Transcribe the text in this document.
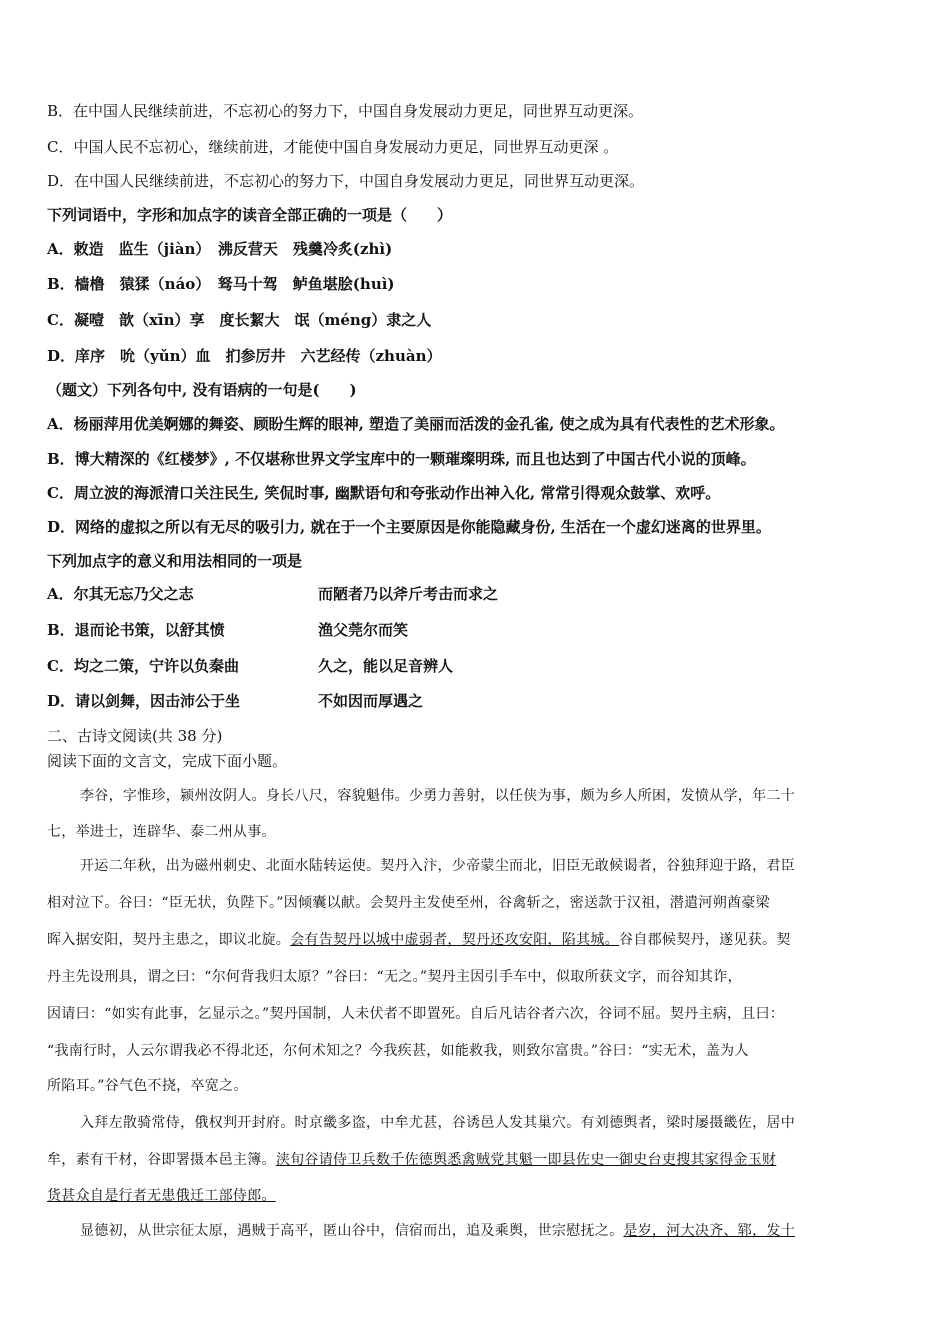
B．在中国人民继续前进，不忘初心的努力下，中国自身发展动力更足，同世界互动更深。
C．中国人民不忘初心，继续前进，才能使中国自身发展动力更足，同世界互动更深 。
D．在中国人民继续前进，不忘初心的努力下，中国自身发展动力更足，同世界互动更深。
下列词语中，字形和加点字的读音全部正确的一项是（　　）
A．敕造　监生（jiàn）　沸反营天　残羹冷炙(zhì)
B．樯橹　猿猱（náo）　驽马十驾　鲈鱼堪脍(huì)
C．凝噎　歆（xīn）享　度长絜大　氓（méng）隶之人
D．庠序　吮（yǔn）血　扪参厉井　六艺经传（zhuàn）
（题文）下列各句中, 没有语病的一句是(　　)
A．杨丽萍用优美婀娜的舞姿、顾盼生辉的眼神, 塑造了美丽而活泼的金孔雀, 使之成为具有代表性的艺术形象。
B．博大精深的《红楼梦》, 不仅堪称世界文学宝库中的一颗璀璨明珠, 而且也达到了中国古代小说的顶峰。
C．周立波的海派清口关注民生, 笑侃时事, 幽默语句和夸张动作出神入化, 常常引得观众鼓掌、欢呼。
D．网络的虚拟之所以有无尽的吸引力, 就在于一个主要原因是你能隐藏身份, 生活在一个虚幻迷离的世界里。
下列加点字的意义和用法相同的一项是
A．尔其无忘乃父之志	而陋者乃以斧斤考击而求之
B．退而论书策，以舒其愤	渔父莞尔而笑
C．均之二策，宁许以负秦曲	久之，能以足音辨人
D．请以剑舞，因击沛公于坐	不如因而厚遇之
二、古诗文阅读(共 38 分)
阅读下面的文言文，完成下面小题。
李谷，字惟珍，颍州汝阴人。身长八尺，容貌魁伟。少勇力善射，以任侠为事，颇为乡人所困，发愤从学，年二十
七，举进士，连辟华、泰二州从事。
开运二年秋，出为磁州刺史、北面水陆转运使。契丹入汴，少帝蒙尘而北，旧臣无敢候谒者，谷独拜迎于路，君臣
相对泣下。谷曰：“臣无状，负陛下。”因倾囊以献。会契丹主发使至州，谷禽斩之，密送款于汉祖，潜遣河朔酋豪梁
晖入据安阳，契丹主患之，即议北旋。会有告契丹以城中虚弱者，契丹还攻安阳，陷其城。谷自郡候契丹，遂见获。契
丹主先设刑具，谓之曰：“尔何背我归太原？”谷曰：“无之。”契丹主因引手车中，似取所获文字，而谷知其诈，
因请曰：“如实有此事，乞显示之。”契丹国制，人未伏者不即置死。自后凡诘谷者六次，谷词不屈。契丹主病，且曰：
“我南行时，人云尔谓我必不得北还，尔何术知之？今我疾甚，如能救我，则致尔富贵。”谷曰：“实无术，盖为人
所陷耳。”谷气色不挠，卒宽之。
入拜左散骑常侍，俄权判开封府。时京畿多盗，中牟尤甚，谷诱邑人发其巢穴。有刘德舆者，梁时屡摄畿佐，居中
牟，素有干材，谷即署摄本邑主簿。浃旬谷请侍卫兵数千佐德舆悉禽贼党其魁一即县佐史一御史台吏搜其家得金玉财
货甚众自是行者无患俄迁工部侍郎。
显德初，从世宗征太原，遇贼于高平，匿山谷中，信宿而出，追及乘舆，世宗慰抚之。是岁，河大决齐、郓，发十
